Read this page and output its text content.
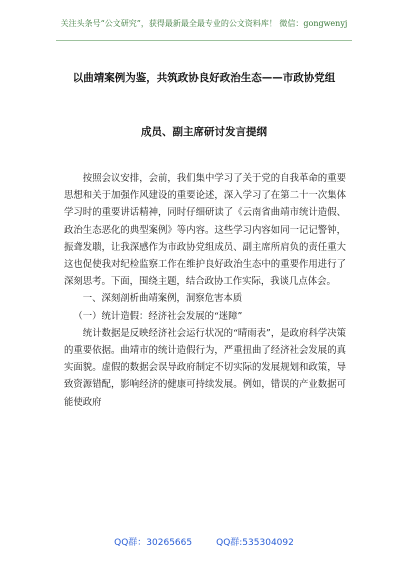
关注头条号“公文研究”，获得最新最全最专业的公文资料库！ 微信：gongwenyj
以曲靖案例为鉴，共筑政协良好政治生态——市政协党组
成员、副主席研讨发言提纲

按照会议安排，会前，我们集中学习了关于党的自我革命的重要思想和关于加强作风建设的重要论述，深入学习了在第二十一次集体学习时的重要讲话精神，同时仔细研读了《云南省曲靖市统计造假、政治生态恶化的典型案例》等内容。这些学习内容如同一记记警钟，振聋发聩，让我深感作为市政协党组成员、副主席所肩负的责任重大这也促使我对纪检监察工作在维护良好政治生态中的重要作用进行了深刻思考。下面，围绕主题，结合政协工作实际，我谈几点体会。

一、深刻剖析曲靖案例，洞察危害本质

（一）统计造假：经济社会发展的“迷障”

统计数据是反映经济社会运行状况的“晴雨表”，是政府科学决策的重要依据。曲靖市的统计造假行为，严重扭曲了经济社会发展的真实面貌。虚假的数据会误导政府制定不切实际的发展规划和政策，导致资源错配，影响经济的健康可持续发展。例如，错误的产业数据可能使政府

QQ群：30265665	QQ群:535304092
